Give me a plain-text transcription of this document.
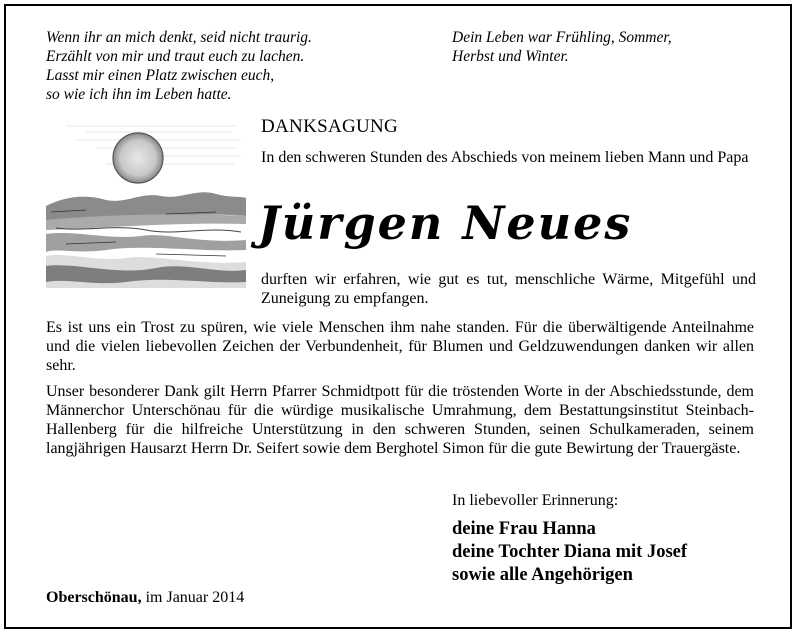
Wenn ihr an mich denkt, seid nicht traurig.
Erzählt von mir und traut euch zu lachen.
Lasst mir einen Platz zwischen euch,
so wie ich ihn im Leben hatte.
Dein Leben war Frühling, Sommer,
Herbst und Winter.
DANKSAGUNG
In den schweren Stunden des Abschieds von meinem lieben Mann und Papa
Jürgen Neues
durften wir erfahren, wie gut es tut, menschliche Wärme, Mitgefühl und Zuneigung zu empfangen.
Es ist uns ein Trost zu spüren, wie viele Menschen ihm nahe standen. Für die überwältigende Anteilnahme und die vielen liebevollen Zeichen der Verbundenheit, für Blumen und Geldzuwendungen danken wir allen sehr.
Unser besonderer Dank gilt Herrn Pfarrer Schmidtpott für die tröstenden Worte in der Abschiedsstunde, dem Männerchor Unterschönau für die würdige musikalische Umrahmung, dem Bestattungsinstitut Steinbach-Hallenberg für die hilfreiche Unterstützung in den schweren Stunden, seinen Schulkameraden, seinem langjährigen Hausarzt Herrn Dr. Seifert sowie dem Berghotel Simon für die gute Bewirtung der Trauergäste.
In liebevoller Erinnerung:
deine Frau Hanna
deine Tochter Diana mit Josef
sowie alle Angehörigen
Oberschönau, im Januar 2014
